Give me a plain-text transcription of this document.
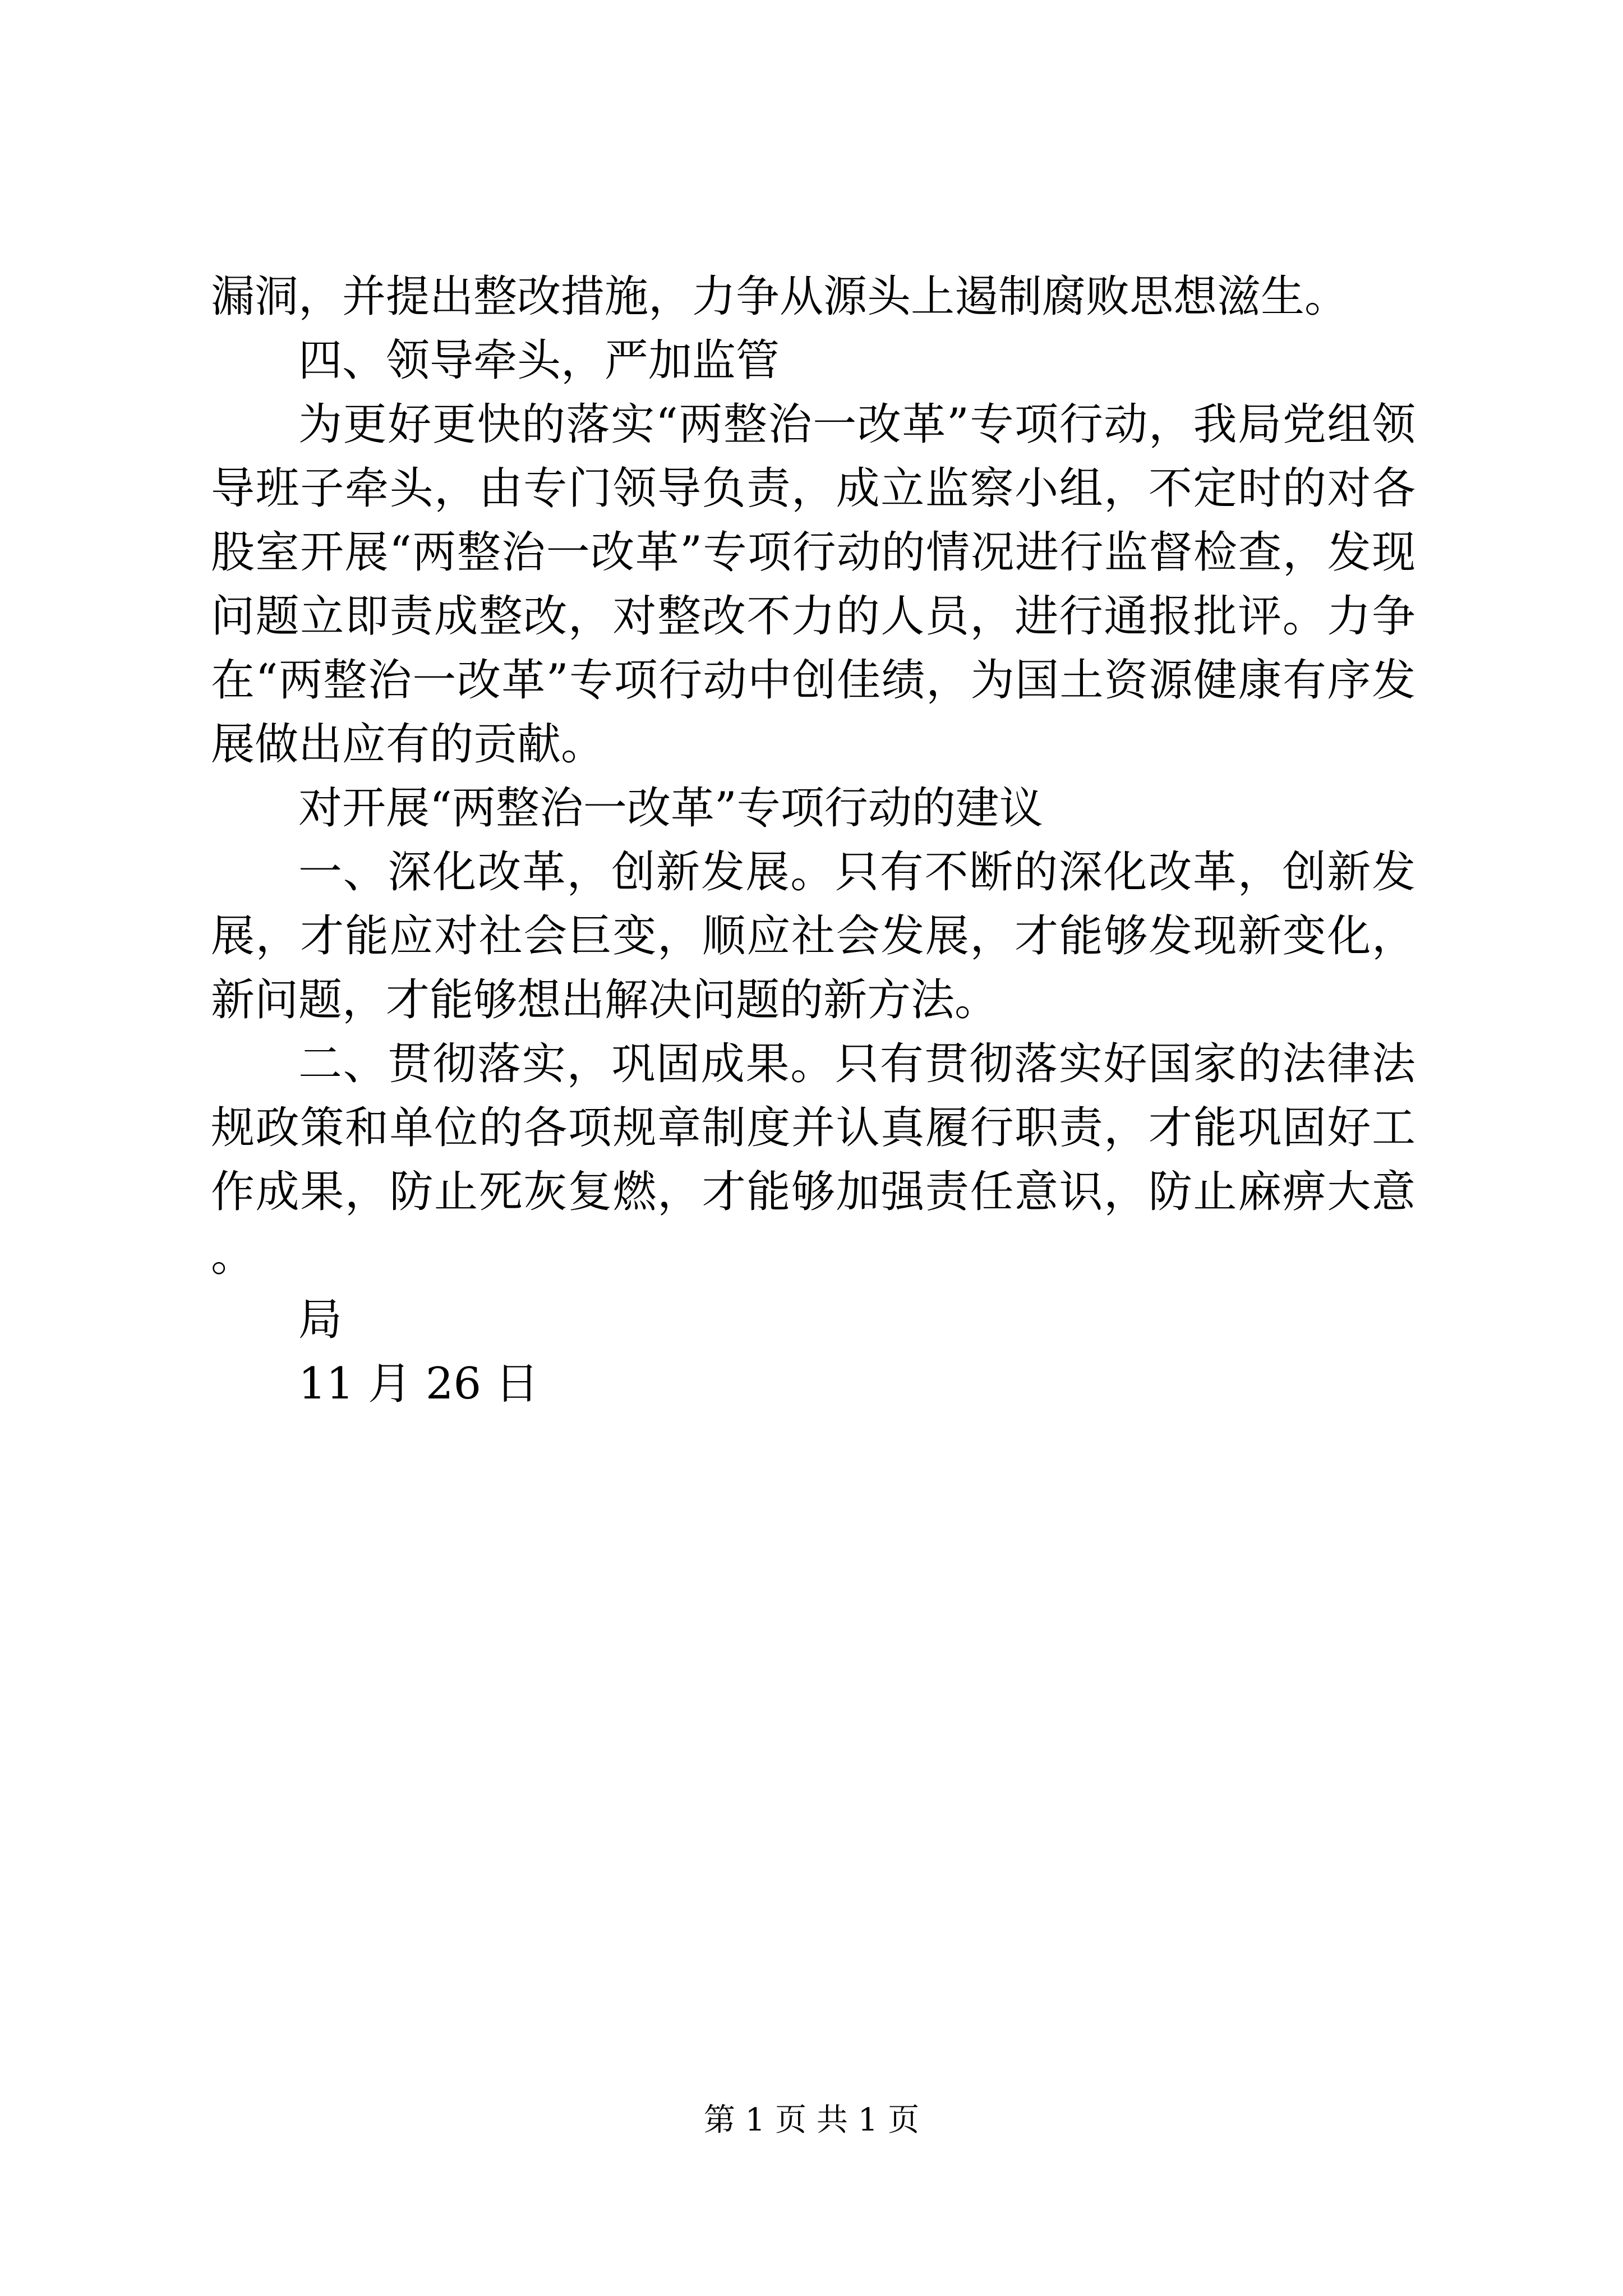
漏洞，并提出整改措施，力争从源头上遏制腐败思想滋生。

四、领导牵头，严加监管

为更好更快的落实“两整治一改革”专项行动，我局党组领导班子牵头，由专门领导负责，成立监察小组，不定时的对各股室开展“两整治一改革”专项行动的情况进行监督检查，发现问题立即责成整改，对整改不力的人员，进行通报批评。力争在“两整治一改革”专项行动中创佳绩，为国土资源健康有序发展做出应有的贡献。

对开展“两整治一改革”专项行动的建议

一、深化改革，创新发展。只有不断的深化改革，创新发展，才能应对社会巨变，顺应社会发展，才能够发现新变化，新问题，才能够想出解决问题的新方法。

二、贯彻落实，巩固成果。只有贯彻落实好国家的法律法规政策和单位的各项规章制度并认真履行职责，才能巩固好工作成果，防止死灰复燃，才能够加强责任意识，防止麻痹大意。

局

11 月 26 日

第 1 页 共 1 页
